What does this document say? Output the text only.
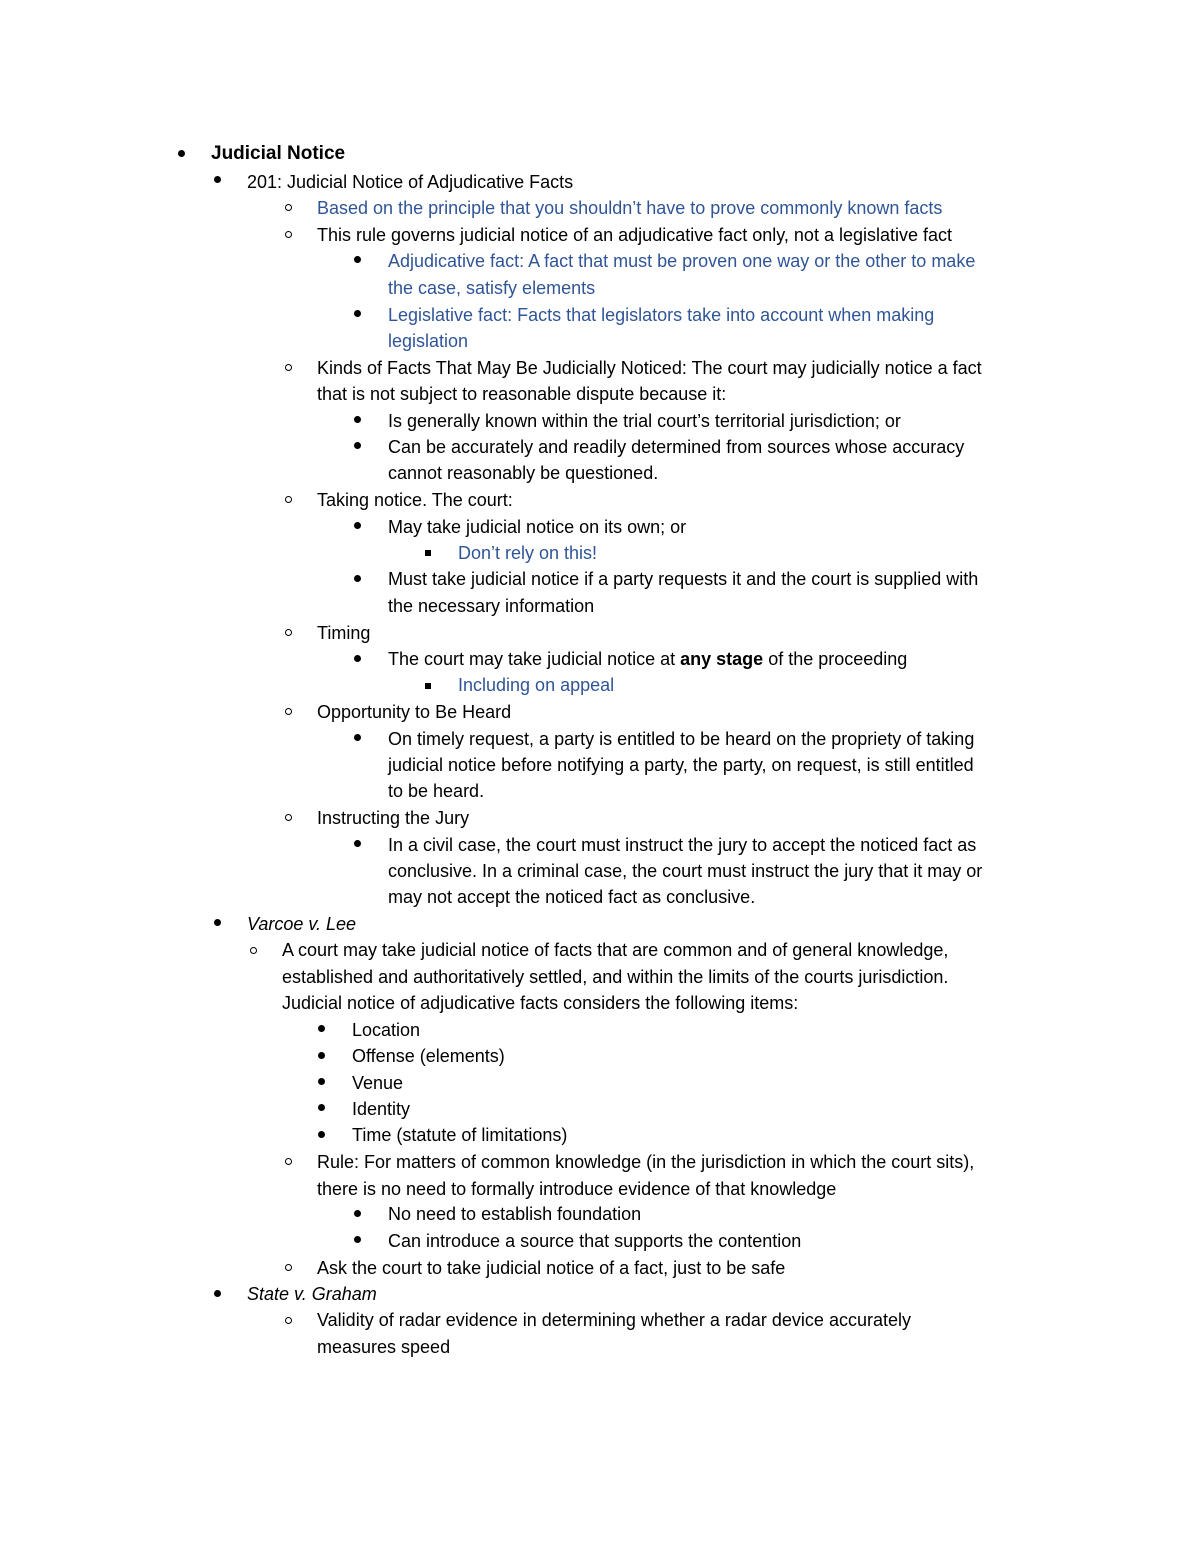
Judicial Notice
201: Judicial Notice of Adjudicative Facts
Based on the principle that you shouldn’t have to prove commonly known facts
This rule governs judicial notice of an adjudicative fact only, not a legislative fact
Adjudicative fact: A fact that must be proven one way or the other to make
the case, satisfy elements
Legislative fact: Facts that legislators take into account when making
legislation
Kinds of Facts That May Be Judicially Noticed: The court may judicially notice a fact
that is not subject to reasonable dispute because it:
Is generally known within the trial court’s territorial jurisdiction; or
Can be accurately and readily determined from sources whose accuracy
cannot reasonably be questioned.
Taking notice. The court:
May take judicial notice on its own; or
Don’t rely on this!
Must take judicial notice if a party requests it and the court is supplied with
the necessary information
Timing
The court may take judicial notice at any stage of the proceeding
Including on appeal
Opportunity to Be Heard
On timely request, a party is entitled to be heard on the propriety of taking
judicial notice before notifying a party, the party, on request, is still entitled
to be heard.
Instructing the Jury
In a civil case, the court must instruct the jury to accept the noticed fact as
conclusive. In a criminal case, the court must instruct the jury that it may or
may not accept the noticed fact as conclusive.
Varcoe v. Lee
A court may take judicial notice of facts that are common and of general knowledge,
established and authoritatively settled, and within the limits of the courts jurisdiction.
Judicial notice of adjudicative facts considers the following items:
Location
Offense (elements)
Venue
Identity
Time (statute of limitations)
Rule: For matters of common knowledge (in the jurisdiction in which the court sits),
there is no need to formally introduce evidence of that knowledge
No need to establish foundation
Can introduce a source that supports the contention
Ask the court to take judicial notice of a fact, just to be safe
State v. Graham
Validity of radar evidence in determining whether a radar device accurately
measures speed
